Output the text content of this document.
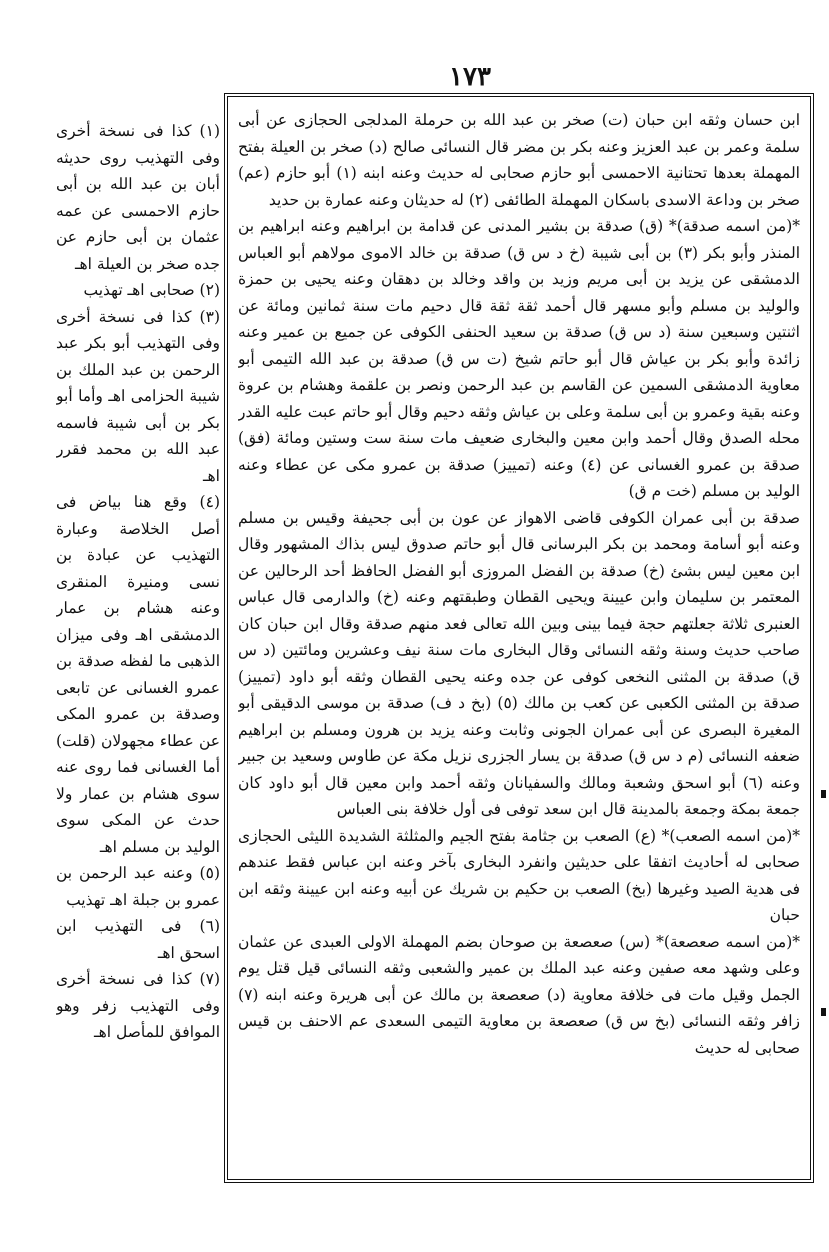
١٧٣

ابن حسان وثقه ابن حبان (ت) صخر بن عبد الله بن حرملة المدلجى الحجازى عن أبى سلمة وعمر بن عبد العزيز وعنه بكر بن مضر قال النسائى صالح (د) صخر بن العيلة بفتح المهملة بعدها تحتانية الاحمسى أبو حازم صحابى له حديث وعنه ابنه (١) أبو حازم (عم) صخر بن وداعة الاسدى باسكان المهملة الطائفى (٢) له حديثان وعنه عمارة بن حديد

*(من اسمه صدقة)* (ق) صدقة بن بشير المدنى عن قدامة بن ابراهيم وعنه ابراهيم بن المنذر وأبو بكر (٣) بن أبى شيبة (خ د س ق) صدقة بن خالد الاموى مولاهم أبو العباس الدمشقى عن يزيد بن أبى مريم وزيد بن واقد وخالد بن دهقان وعنه يحيى بن حمزة والوليد بن مسلم وأبو مسهر قال أحمد ثقة ثقة قال دحيم مات سنة ثمانين ومائة عن اثنتين وسبعين سنة (د س ق) صدقة بن سعيد الحنفى الكوفى عن جميع بن عمير وعنه زائدة وأبو بكر بن عياش قال أبو حاتم شيخ (ت س ق) صدقة بن عبد الله التيمى أبو معاوية الدمشقى السمين عن القاسم بن عبد الرحمن ونصر بن علقمة وهشام بن عروة وعنه بقية وعمرو بن أبى سلمة وعلى بن عياش وثقه دحيم وقال أبو حاتم عبت عليه القدر محله الصدق وقال أحمد وابن معين والبخارى ضعيف مات سنة ست وستين ومائة (فق) صدقة بن عمرو الغسانى عن (٤) وعنه (تمييز) صدقة بن عمرو مكى عن عطاء وعنه الوليد بن مسلم (خت م ق)

صدقة بن أبى عمران الكوفى قاضى الاهواز عن عون بن أبى جحيفة وقيس بن مسلم وعنه أبو أسامة ومحمد بن بكر البرسانى قال أبو حاتم صدوق ليس بذاك المشهور وقال ابن معين ليس بشئ (خ) صدقة بن الفضل المروزى أبو الفضل الحافظ أحد الرحالين عن المعتمر بن سليمان وابن عيينة ويحيى القطان وطبقتهم وعنه (خ) والدارمى قال عباس العنبرى ثلاثة جعلتهم حجة فيما بينى وبين الله تعالى فعد منهم صدقة وقال ابن حبان كان صاحب حديث وسنة وثقه النسائى وقال البخارى مات سنة نيف وعشرين ومائتين (د س ق) صدقة بن المثنى النخعى كوفى عن جده وعنه يحيى القطان وثقه أبو داود (تمييز) صدقة بن المثنى الكعبى عن كعب بن مالك (٥) (بخ د ف) صدقة بن موسى الدقيقى أبو المغيرة البصرى عن أبى عمران الجونى وثابت وعنه يزيد بن هرون ومسلم بن ابراهيم ضعفه النسائى (م د س ق) صدقة بن يسار الجزرى نزيل مكة عن طاوس وسعيد بن جبير وعنه (٦) أبو اسحق وشعبة ومالك والسفيانان وثقه أحمد وابن معين قال أبو داود كان جمعة بمكة وجمعة بالمدينة قال ابن سعد توفى فى أول خلافة بنى العباس

*(من اسمه الصعب)* (ع) الصعب بن جثامة بفتح الجيم والمثلثة الشديدة الليثى الحجازى صحابى له أحاديث اتفقا على حديثين وانفرد البخارى بآخر وعنه ابن عباس فقط عندهم فى هدية الصيد وغيرها (بخ) الصعب بن حكيم بن شريك عن أبيه وعنه ابن عيينة وثقه ابن حبان

*(من اسمه صعصعة)* (س) صعصعة بن صوحان بضم المهملة الاولى العبدى عن عثمان وعلى وشهد معه صفين وعنه عبد الملك بن عمير والشعبى وثقه النسائى قيل قتل يوم الجمل وقيل مات فى خلافة معاوية (د) صعصعة بن مالك عن أبى هريرة وعنه ابنه (٧) زافر وثقه النسائى (بخ س ق) صعصعة بن معاوية التيمى السعدى عم الاحنف بن قيس صحابى له حديث

(١) كذا فى نسخة أخرى وفى التهذيب روى حديثه أبان بن عبد الله بن أبى حازم الاحمسى عن عمه عثمان بن أبى حازم عن جده صخر بن العيلة اهـ

(٢) صحابى اهـ تهذيب

(٣) كذا فى نسخة أخرى وفى التهذيب أبو بكر عبد الرحمن بن عبد الملك بن شيبة الحزامى اهـ وأما أبو بكر بن أبى شيبة فاسمه عبد الله بن محمد فقرر اهـ

(٤) وقع هنا بياض فى أصل الخلاصة وعبارة التهذيب عن عبادة بن نسى ومنيرة المنقرى وعنه هشام بن عمار الدمشقى اهـ وفى ميزان الذهبى ما لفظه صدقة بن عمرو الغسانى عن تابعى وصدقة بن عمرو المكى عن عطاء مجهولان (قلت) أما الغسانى فما روى عنه سوى هشام بن عمار ولا حدث عن المكى سوى الوليد بن مسلم اهـ

(٥) وعنه عبد الرحمن بن عمرو بن جبلة اهـ تهذيب

(٦) فى التهذيب ابن اسحق اهـ

(٧) كذا فى نسخة أخرى وفى التهذيب زفر وهو الموافق للمأصل اهـ
